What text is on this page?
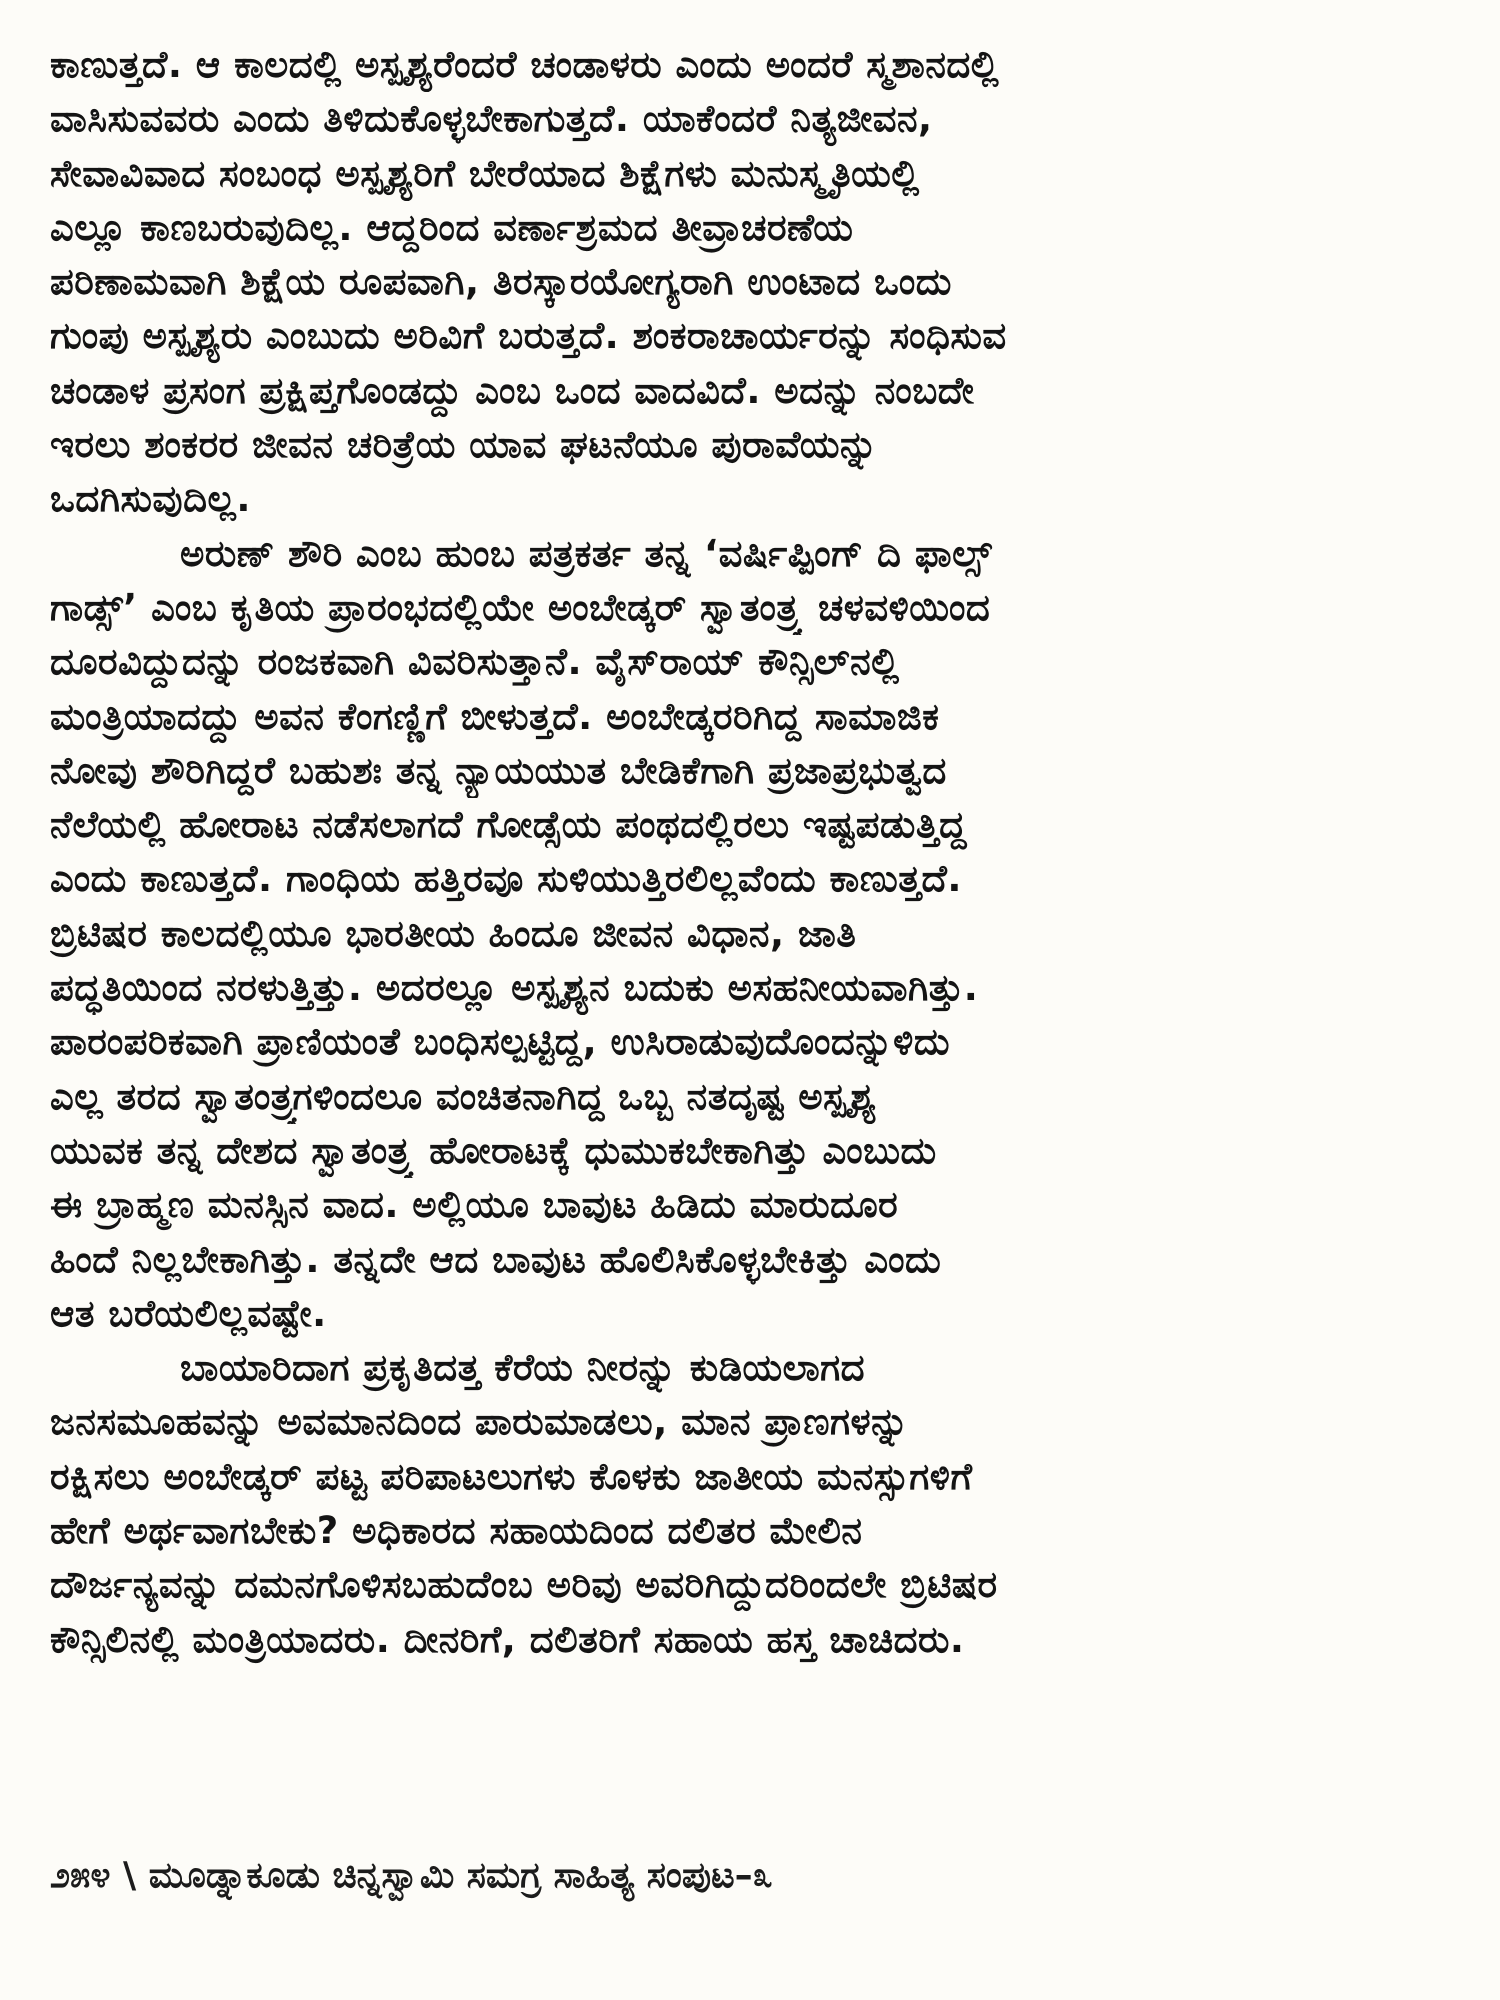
ಕಾಣುತ್ತದೆ. ಆ ಕಾಲದಲ್ಲಿ ಅಸ್ಪೃಶ್ಯರೆಂದರೆ ಚಂಡಾಳರು ಎಂದು ಅಂದರೆ ಸ್ಮಶಾನದಲ್ಲಿ
ವಾಸಿಸುವವರು ಎಂದು ತಿಳಿದುಕೊಳ್ಳಬೇಕಾಗುತ್ತದೆ. ಯಾಕೆಂದರೆ ನಿತ್ಯಜೀವನ,
ಸೇವಾವಿವಾದ ಸಂಬಂಧ ಅಸ್ಪೃಶ್ಯರಿಗೆ ಬೇರೆಯಾದ ಶಿಕ್ಷೆಗಳು ಮನುಸ್ಮೃತಿಯಲ್ಲಿ
ಎಲ್ಲೂ ಕಾಣಬರುವುದಿಲ್ಲ. ಆದ್ದರಿಂದ ವರ್ಣಾಶ್ರಮದ ತೀವ್ರಾಚರಣೆಯ
ಪರಿಣಾಮವಾಗಿ ಶಿಕ್ಷೆಯ ರೂಪವಾಗಿ, ತಿರಸ್ಕಾರಯೋಗ್ಯರಾಗಿ ಉಂಟಾದ ಒಂದು
ಗುಂಪು ಅಸ್ಪೃಶ್ಯರು ಎಂಬುದು ಅರಿವಿಗೆ ಬರುತ್ತದೆ. ಶಂಕರಾಚಾರ್ಯರನ್ನು ಸಂಧಿಸುವ
ಚಂಡಾಳ ಪ್ರಸಂಗ ಪ್ರಕ್ಷಿಪ್ತಗೊಂಡದ್ದು ಎಂಬ ಒಂದ ವಾದವಿದೆ. ಅದನ್ನು ನಂಬದೇ
ಇರಲು ಶಂಕರರ ಜೀವನ ಚರಿತ್ರೆಯ ಯಾವ ಘಟನೆಯೂ ಪುರಾವೆಯನ್ನು
ಒದಗಿಸುವುದಿಲ್ಲ.
ಅರುಣ್ ಶೌರಿ ಎಂಬ ಹುಂಬ ಪತ್ರಕರ್ತ ತನ್ನ ‘ವರ್ಷಿಪ್ಪಿಂಗ್ ದಿ ಫಾಲ್ಸ್
ಗಾಡ್ಸ್’ ಎಂಬ ಕೃತಿಯ ಪ್ರಾರಂಭದಲ್ಲಿಯೇ ಅಂಬೇಡ್ಕರ್ ಸ್ವಾತಂತ್ರ್ಯ ಚಳವಳಿಯಿಂದ
ದೂರವಿದ್ದುದನ್ನು ರಂಜಕವಾಗಿ ವಿವರಿಸುತ್ತಾನೆ. ವೈಸ್‌ರಾಯ್ ಕೌನ್ಸಿಲ್‌ನಲ್ಲಿ
ಮಂತ್ರಿಯಾದದ್ದು ಅವನ ಕೆಂಗಣ್ಣಿಗೆ ಬೀಳುತ್ತದೆ. ಅಂಬೇಡ್ಕರರಿಗಿದ್ದ ಸಾಮಾಜಿಕ
ನೋವು ಶೌರಿಗಿದ್ದರೆ ಬಹುಶಃ ತನ್ನ ನ್ಯಾಯಯುತ ಬೇಡಿಕೆಗಾಗಿ ಪ್ರಜಾಪ್ರಭುತ್ವದ
ನೆಲೆಯಲ್ಲಿ ಹೋರಾಟ ನಡೆಸಲಾಗದೆ ಗೋಡ್ಸೆಯ ಪಂಥದಲ್ಲಿರಲು ಇಷ್ಟಪಡುತ್ತಿದ್ದ
ಎಂದು ಕಾಣುತ್ತದೆ. ಗಾಂಧಿಯ ಹತ್ತಿರವೂ ಸುಳಿಯುತ್ತಿರಲಿಲ್ಲವೆಂದು ಕಾಣುತ್ತದೆ.
ಬ್ರಿಟಿಷರ ಕಾಲದಲ್ಲಿಯೂ ಭಾರತೀಯ ಹಿಂದೂ ಜೀವನ ವಿಧಾನ, ಜಾತಿ
ಪದ್ಧತಿಯಿಂದ ನರಳುತ್ತಿತ್ತು. ಅದರಲ್ಲೂ ಅಸ್ಪೃಶ್ಯನ ಬದುಕು ಅಸಹನೀಯವಾಗಿತ್ತು.
ಪಾರಂಪರಿಕವಾಗಿ ಪ್ರಾಣಿಯಂತೆ ಬಂಧಿಸಲ್ಪಟ್ಟಿದ್ದ, ಉಸಿರಾಡುವುದೊಂದನ್ನುಳಿದು
ಎಲ್ಲ ತರದ ಸ್ವಾತಂತ್ರ್ಯಗಳಿಂದಲೂ ವಂಚಿತನಾಗಿದ್ದ ಒಬ್ಬ ನತದೃಷ್ಟ ಅಸ್ಪೃಶ್ಯ
ಯುವಕ ತನ್ನ ದೇಶದ ಸ್ವಾತಂತ್ರ್ಯ ಹೋರಾಟಕ್ಕೆ ಧುಮುಕಬೇಕಾಗಿತ್ತು ಎಂಬುದು
ಈ ಬ್ರಾಹ್ಮಣ ಮನಸ್ಸಿನ ವಾದ. ಅಲ್ಲಿಯೂ ಬಾವುಟ ಹಿಡಿದು ಮಾರುದೂರ
ಹಿಂದೆ ನಿಲ್ಲಬೇಕಾಗಿತ್ತು. ತನ್ನದೇ ಆದ ಬಾವುಟ ಹೊಲಿಸಿಕೊಳ್ಳಬೇಕಿತ್ತು ಎಂದು
ಆತ ಬರೆಯಲಿಲ್ಲವಷ್ಟೇ.
ಬಾಯಾರಿದಾಗ ಪ್ರಕೃತಿದತ್ತ ಕೆರೆಯ ನೀರನ್ನು ಕುಡಿಯಲಾಗದ
ಜನಸಮೂಹವನ್ನು ಅವಮಾನದಿಂದ ಪಾರುಮಾಡಲು, ಮಾನ ಪ್ರಾಣಗಳನ್ನು
ರಕ್ಷಿಸಲು ಅಂಬೇಡ್ಕರ್ ಪಟ್ಟ ಪರಿಪಾಟಲುಗಳು ಕೊಳಕು ಜಾತೀಯ ಮನಸ್ಸುಗಳಿಗೆ
ಹೇಗೆ ಅರ್ಥವಾಗಬೇಕು? ಅಧಿಕಾರದ ಸಹಾಯದಿಂದ ದಲಿತರ ಮೇಲಿನ
ದೌರ್ಜನ್ಯವನ್ನು ದಮನಗೊಳಿಸಬಹುದೆಂಬ ಅರಿವು ಅವರಿಗಿದ್ದುದರಿಂದಲೇ ಬ್ರಿಟಿಷರ
ಕೌನ್ಸಿಲಿನಲ್ಲಿ ಮಂತ್ರಿಯಾದರು. ದೀನರಿಗೆ, ದಲಿತರಿಗೆ ಸಹಾಯ ಹಸ್ತ ಚಾಚಿದರು.
೨೫೪ \ ಮೂಡ್ನಾಕೂಡು ಚಿನ್ನಸ್ವಾಮಿ ಸಮಗ್ರ ಸಾಹಿತ್ಯ ಸಂಪುಟ–೩
